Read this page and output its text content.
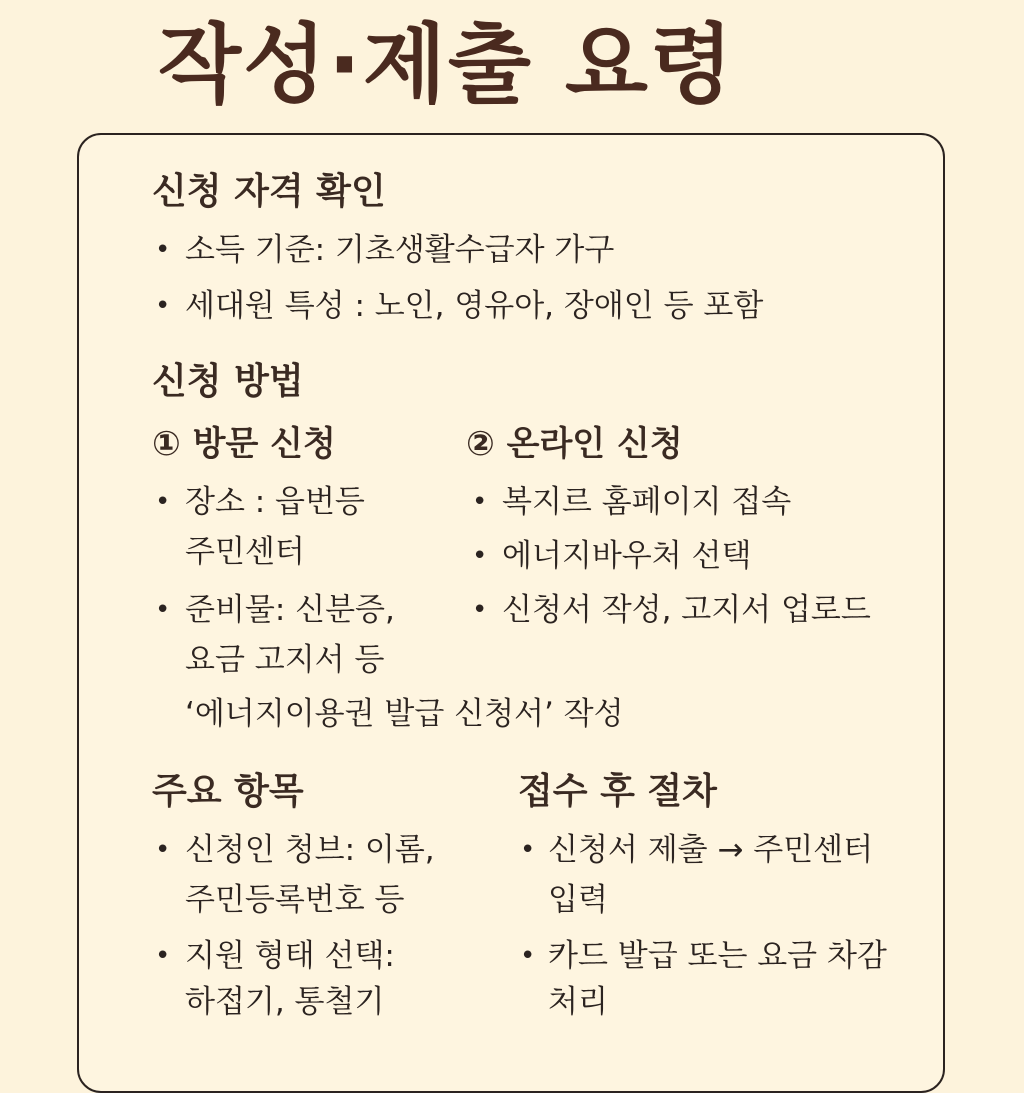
작성·제출 요령
신청 자격 확인
• 소득 기준: 기초생활수급자 가구
• 세대원 특성 : 노인, 영유아, 장애인 등 포함
신청 방법
① 방문 신청
• 장소 : 읍번등
주민센터
• 준비물: 신분증,
요금 고지서 등
‘에너지이용권 발급 신청서’ 작성
② 온라인 신청
• 복지르 홈페이지 접속
• 에너지바우처 선택
• 신청서 작성, 고지서 업로드
주요 항목
• 신청인 청브: 이롬,
주민등록번호 등
• 지원 형태 선택:
하접기, 통철기
접수 후 절차
• 신청서 제출 → 주민센터
입력
• 카드 발급 또는 요금 차감
처리
